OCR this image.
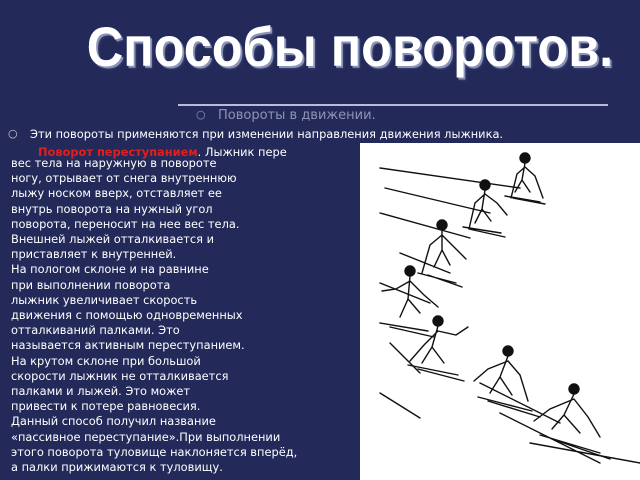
Способы поворотов.
○ Повороты в движении.
○ Эти повороты применяются при изменении направления движения лыжника.
Поворот переступанием. Лыжник пере
вес тела на наружную в повороте
ногу, отрывает от снега внутреннюю
лыжу носком вверх, отставляет ее
внутрь поворота на нужный угол
поворота, переносит на нее вес тела.
Внешней лыжей отталкивается и
приставляет к внутренней.
На пологом склоне и на равнине
при выполнении поворота
лыжник увеличивает скорость
движения с помощью одновременных
отталкиваний палками. Это
называется активным переступанием.
На крутом склоне при большой
скорости лыжник не отталкивается
палками и лыжей. Это может
привести к потере равновесия.
Данный способ получил название
«пассивное переступание».При выполнении
этого поворота туловище наклоняется вперёд,
а палки прижимаются к туловищу.
